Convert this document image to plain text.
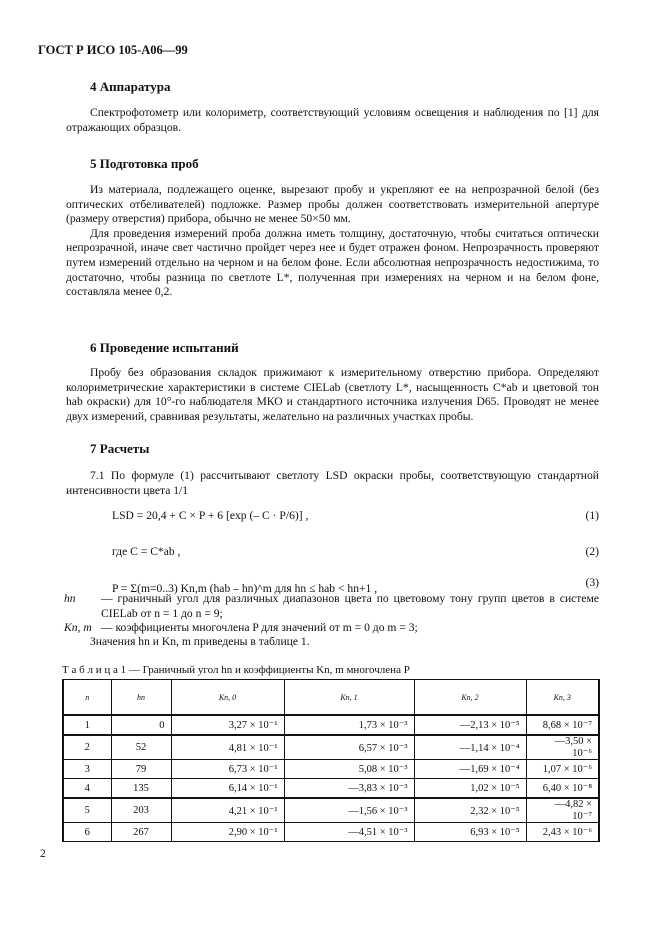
ГОСТ Р ИСО 105-А06—99
4 Аппаратура

Спектрофотометр или колориметр, соответствующий условиям освещения и наблюдения по [1] для отражающих образцов.

5 Подготовка проб

Из материала, подлежащего оценке, вырезают пробу и укрепляют ее на непрозрачной белой (без оптических отбеливателей) подложке. Размер пробы должен соответствовать измерительной апертуре (размеру отверстия) прибора, обычно не менее 50×50 мм.

Для проведения измерений проба должна иметь толщину, достаточную, чтобы считаться оптически непрозрачной, иначе свет частично пройдет через нее и будет отражен фоном. Непрозрачность проверяют путем измерений отдельно на черном и на белом фоне. Если абсолютная непрозрачность недостижима, то достаточно, чтобы разница по светлоте L*, полученная при измерениях на черном и на белом фоне, составляла менее 0,2.

6 Проведение испытаний

Пробу без образования складок прижимают к измерительному отверстию прибора. Определяют колориметрические характеристики в системе CIELab (светлоту L*, насыщенность C*ab и цветовой тон hab окраски) для 10°-го наблюдателя МКО и стандартного источника излучения D65. Проводят не менее двух измерений, сравнивая результаты, желательно на различных участках пробы.

7 Расчеты

7.1 По формуле (1) рассчитывают светлоту LSD окраски пробы, соответствующую стандартной интенсивности цвета 1/1

LSD = 20,4 + C × P + 6 [exp (– C · P/6)] ,	(1)
где C = C*ab ,	(2)
P = Σ(m=0..3) Kn,m (hab – hn)^m для hn ≤ hab < hn+1 ,	(3)
hn — граничный угол для различных диапазонов цвета по цветовому тону групп цветов в системе CIELab от n = 1 до n = 9;
Kn, m — коэффициенты многочлена P для значений от m = 0 до m = 3;
Значения hn и Kn, m приведены в таблице 1.
Т а б л и ц а 1 — Граничный угол hn и коэффициенты Kn, m многочлена P
n	hn	Kn, 0	Kn, 1	Kn, 2	Kn, 3
1	0	3,27 × 10⁻¹	1,73 × 10⁻³	—2,13 × 10⁻⁵	8,68 × 10⁻⁷
2	52	4,81 × 10⁻¹	6,57 × 10⁻³	—1,14 × 10⁻⁴	—3,50 × 10⁻⁶
3	79	6,73 × 10⁻¹	5,08 × 10⁻³	—1,69 × 10⁻⁴	1,07 × 10⁻⁶
4	135	6,14 × 10⁻¹	—3,83 × 10⁻³	1,02 × 10⁻⁵	6,40 × 10⁻⁸
5	203	4,21 × 10⁻¹	—1,56 × 10⁻³	2,32 × 10⁻⁵	—4,82 × 10⁻⁷
6	267	2,90 × 10⁻¹	—4,51 × 10⁻³	6,93 × 10⁻⁵	2,43 × 10⁻⁶
2
